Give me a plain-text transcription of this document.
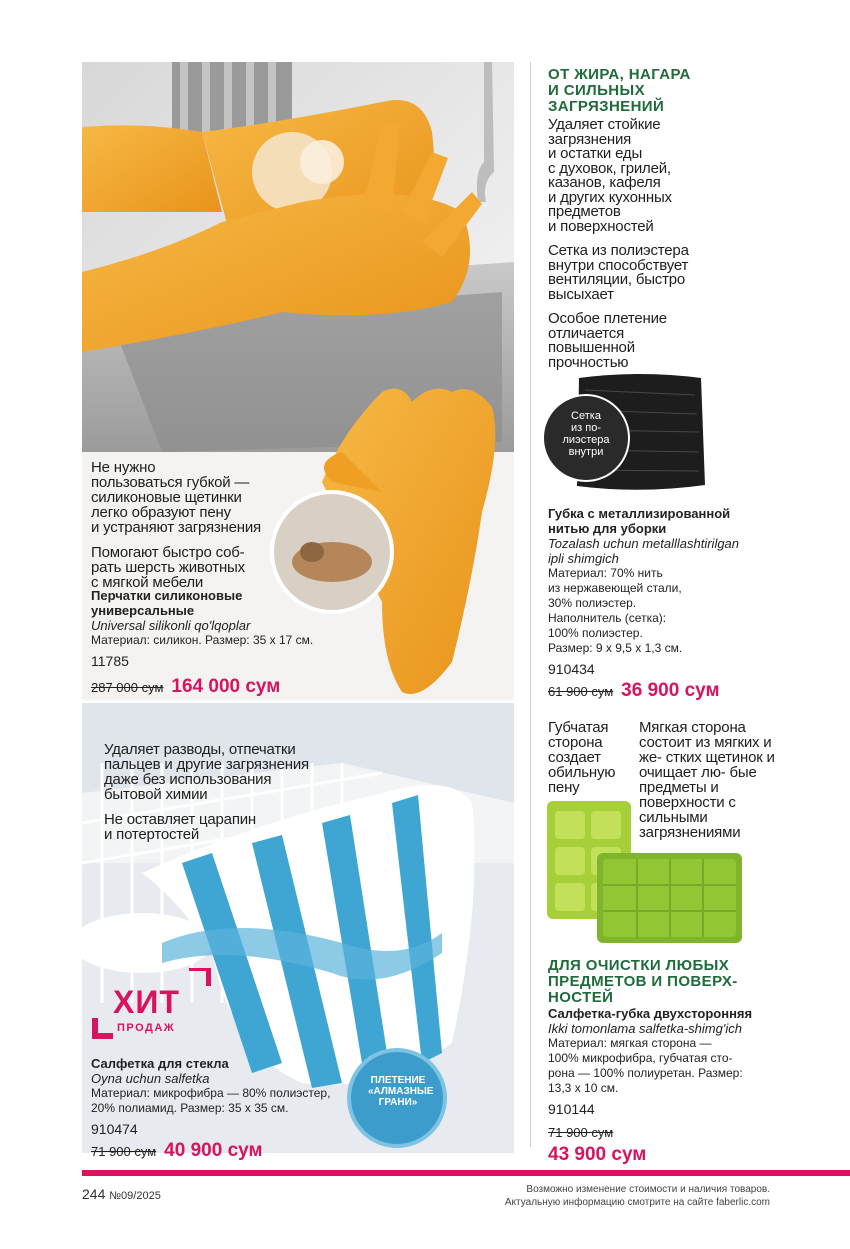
Не нужно
пользоваться губкой —
силиконовые щетинки
легко образуют пену
и устраняют загрязнения

Помогают быстро соб-
рать шерсть животных
с мягкой мебели

Перчатки силиконовые
универсальные
Universal silikonli qo'lqoplar
Материал: силикон. Размер: 35 x 17 см.
11785
287 000 сум 164 000 сум

Удаляет разводы, отпечатки
пальцев и другие загрязнения
даже без использования
бытовой химии

Не оставляет царапин
и потертостей

ХИТ
ПРОДАЖ
ПЛЕТЕНИЕ
«АЛМАЗНЫЕ
ГРАНИ»
Салфетка для стекла
Oyna uchun salfetka
Материал: микрофибра — 80% полиэстер,
20% полиамид. Размер: 35 x 35 см.
910474
71 900 сум 40 900 сум
ОТ ЖИРА, НАГАРА
И СИЛЬНЫХ
ЗАГРЯЗНЕНИЙ

Удаляет стойкие
загрязнения
и остатки еды
с духовок, грилей,
казанов, кафеля
и других кухонных
предметов
и поверхностей

Сетка из полиэстера
внутри способствует
вентиляции, быстро
высыхает

Особое плетение
отличается
повышенной
прочностью

Сетка
из по-
лиэстера
внутри
Губка с металлизированной
нитью для уборки
Tozalash uchun metalllashtirilgan
ipli shimgich
Материал: 70% нить
из нержавеющей стали,
30% полиэстер.
Наполнитель (сетка):
100% полиэстер.
Размер: 9 x 9,5 x 1,3 см.
910434
61 900 сум 36 900 сум
Губчатая сторона создает обильную пену
Мягкая сторона состоит из мягких и же- стких щетинок и очищает лю- бые предметы и поверхности с сильными загрязнениями
ДЛЯ ОЧИСТКИ ЛЮБЫХ
ПРЕДМЕТОВ И ПОВЕРХ-
НОСТЕЙ
Салфетка-губка двухсторонняя
Ikki tomonlama salfetka-shimg'ich
Материал: мягкая сторона —
100% микрофибра, губчатая сто-
рона — 100% полиуретан. Размер:
13,3 x 10 см.
910144
71 900 сум
43 900 сум
244 №09/2025
Возможно изменение стоимости и наличия товаров.
Актуальную информацию смотрите на сайте faberlic.com
